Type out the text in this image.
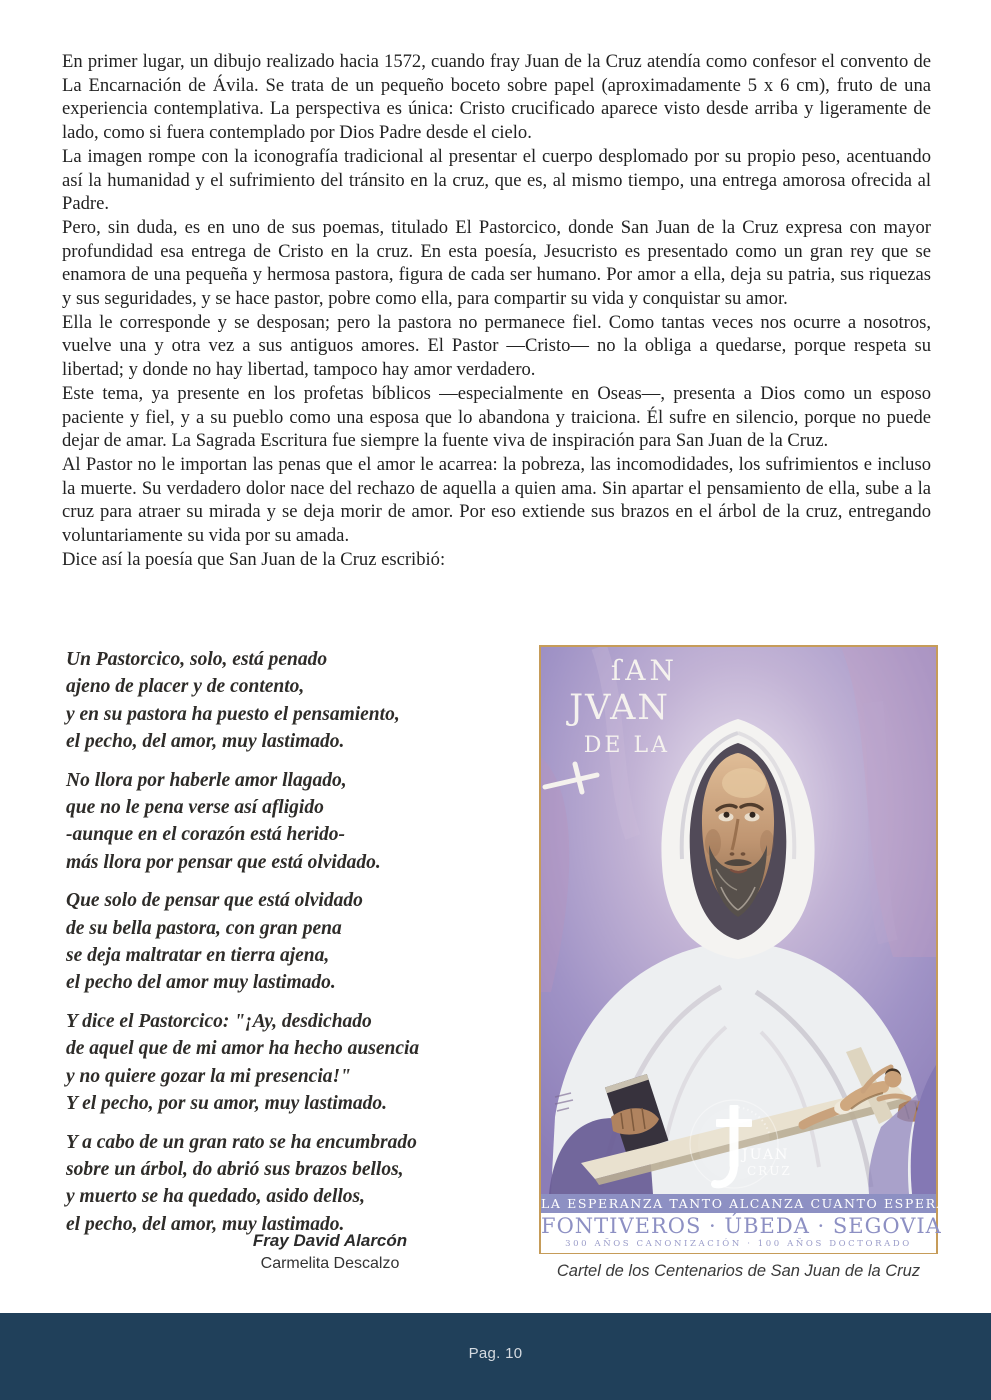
En primer lugar, un dibujo realizado hacia 1572, cuando fray Juan de la Cruz atendía como confesor el convento de La Encarnación de Ávila. Se trata de un pequeño boceto sobre papel (aproximadamente 5 x 6 cm), fruto de una experiencia contemplativa. La perspectiva es única: Cristo crucificado aparece visto desde arriba y ligeramente de lado, como si fuera contemplado por Dios Padre desde el cielo.

La imagen rompe con la iconografía tradicional al presentar el cuerpo desplomado por su propio peso, acentuando así la humanidad y el sufrimiento del tránsito en la cruz, que es, al mismo tiempo, una entrega amorosa ofrecida al Padre.

Pero, sin duda, es en uno de sus poemas, titulado El Pastorcico, donde San Juan de la Cruz expresa con mayor profundidad esa entrega de Cristo en la cruz. En esta poesía, Jesucristo es presentado como un gran rey que se enamora de una pequeña y hermosa pastora, figura de cada ser humano. Por amor a ella, deja su patria, sus riquezas y sus seguridades, y se hace pastor, pobre como ella, para compartir su vida y conquistar su amor.

Ella le corresponde y se desposan; pero la pastora no permanece fiel. Como tantas veces nos ocurre a nosotros, vuelve una y otra vez a sus antiguos amores. El Pastor —Cristo— no la obliga a quedarse, porque respeta su libertad; y donde no hay libertad, tampoco hay amor verdadero.

Este tema, ya presente en los profetas bíblicos —especialmente en Oseas—, presenta a Dios como un esposo paciente y fiel, y a su pueblo como una esposa que lo abandona y traiciona. Él sufre en silencio, porque no puede dejar de amar. La Sagrada Escritura fue siempre la fuente viva de inspiración para San Juan de la Cruz.

Al Pastor no le importan las penas que el amor le acarrea: la pobreza, las incomodidades, los sufrimientos e incluso la muerte. Su verdadero dolor nace del rechazo de aquella a quien ama. Sin apartar el pensamiento de ella, sube a la cruz para atraer su mirada y se deja morir de amor. Por eso extiende sus brazos en el árbol de la cruz, entregando voluntariamente su vida por su amada.

Dice así la poesía que San Juan de la Cruz escribió:

Un Pastorcico, solo, está penado
ajeno de placer y de contento,
y en su pastora ha puesto el pensamiento,
el pecho, del amor, muy lastimado.
No llora por haberle amor llagado,
que no le pena verse así afligido
-aunque en el corazón está herido-
más llora por pensar que está olvidado.
Que solo de pensar que está olvidado
de su bella pastora, con gran pena
se deja maltratar en tierra ajena,
el pecho del amor muy lastimado.
Y dice el Pastorcico: "¡Ay, desdichado
de aquel que de mi amor ha hecho ausencia
y no quiere gozar la mi presencia!"
Y el pecho, por su amor, muy lastimado.
Y a cabo de un gran rato se ha encumbrado
sobre un árbol, do abrió sus brazos bellos,
y muerto se ha quedado, asido dellos,
el pecho, del amor, muy lastimado.
Fray David Alarcón
Carmelita Descalzo
JUAN
CRUZ
ſAN
JVAN
DE LA
LA ESPERANZA TANTO ALCANZA CUANTO ESPERA
FONTIVEROS · ÚBEDA · SEGOVIA
300 AÑOS CANONIZACIÓN · 100 AÑOS DOCTORADO
Cartel de los Centenarios de San Juan de la Cruz
Pag. 10
